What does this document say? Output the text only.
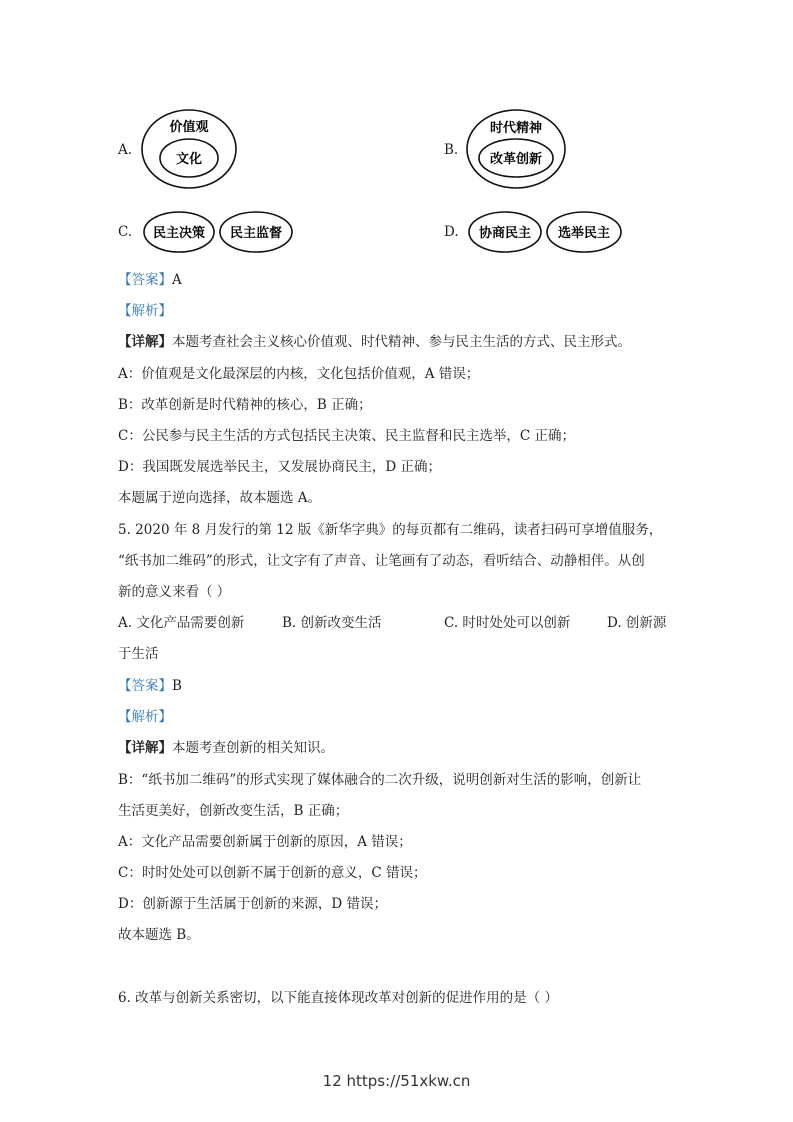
A.
价值观
文化
B.
时代精神
改革创新
C. 民主决策 民主监督	D. 协商民主 选举民主
【答案】A
【解析】
【详解】本题考查社会主义核心价值观、时代精神、参与民主生活的方式、民主形式。
A：价值观是文化最深层的内核，文化包括价值观，A 错误；
B：改革创新是时代精神的核心，B 正确；
C：公民参与民主生活的方式包括民主决策、民主监督和民主选举，C 正确；
D：我国既发展选举民主，又发展协商民主，D 正确；
本题属于逆向选择，故本题选 A。
5. 2020 年 8 月发行的第 12 版《新华字典》的每页都有二维码，读者扫码可享增值服务，
“纸书加二维码”的形式，让文字有了声音、让笔画有了动态，看听结合、动静相伴。从创
新的意义来看（ ）
A. 文化产品需要创新	B. 创新改变生活	C. 时时处处可以创新	D. 创新源
于生活
【答案】B
【解析】
【详解】本题考查创新的相关知识。
B：“纸书加二维码”的形式实现了媒体融合的二次升级，说明创新对生活的影响，创新让
生活更美好，创新改变生活，B 正确；
A：文化产品需要创新属于创新的原因，A 错误；
C：时时处处可以创新不属于创新的意义，C 错误；
D：创新源于生活属于创新的来源，D 错误；
故本题选 B。
6. 改革与创新关系密切，以下能直接体现改革对创新的促进作用的是（ ）
12 https://51xkw.cn
